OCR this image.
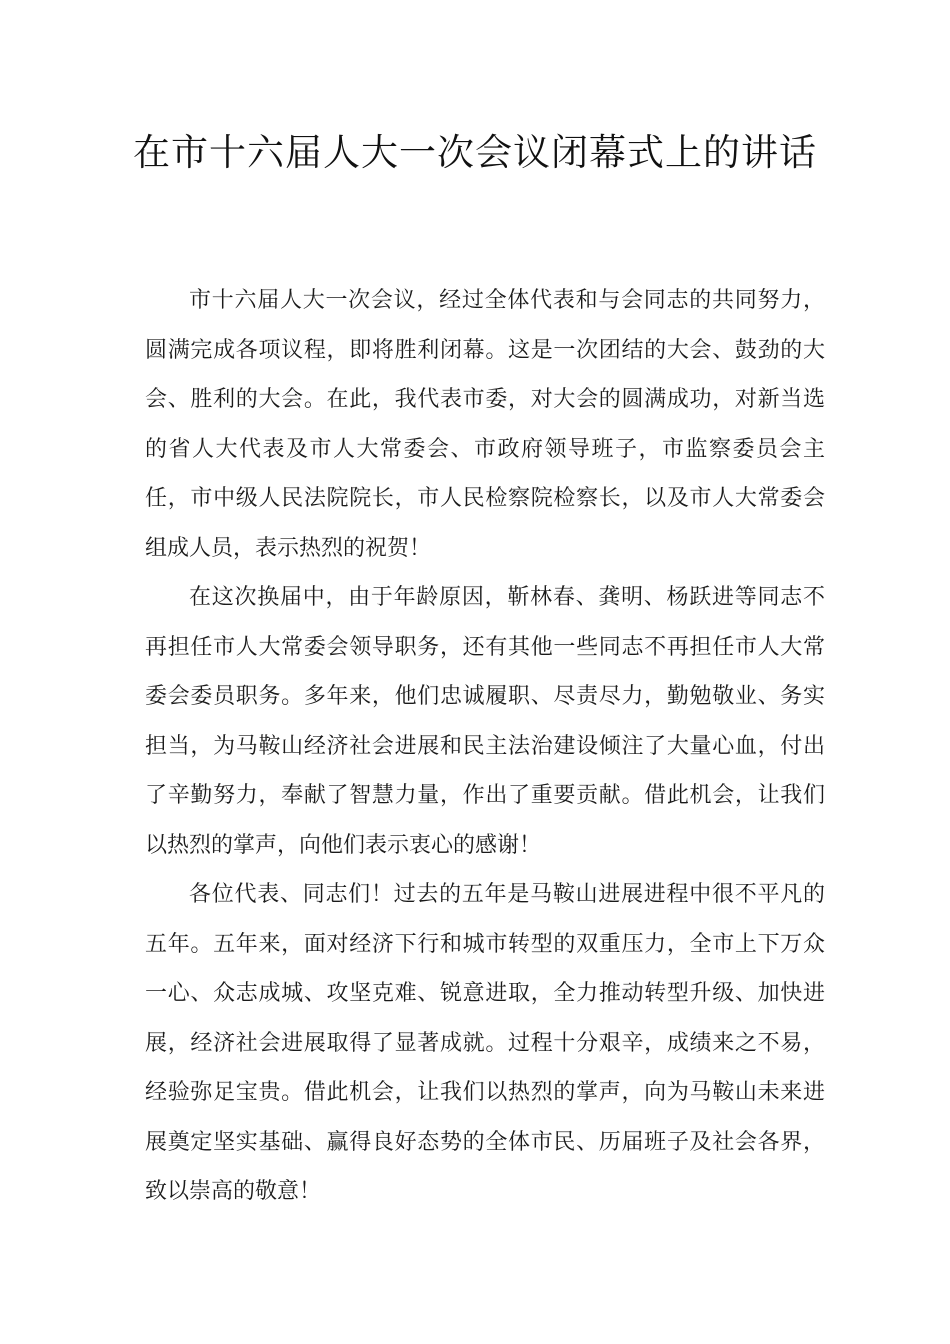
在市十六届人大一次会议闭幕式上的讲话

市十六届人大一次会议，经过全体代表和与会同志的共同努力，圆满完成各项议程，即将胜利闭幕。这是一次团结的大会、鼓劲的大会、胜利的大会。在此，我代表市委，对大会的圆满成功，对新当选的省人大代表及市人大常委会、市政府领导班子，市监察委员会主任，市中级人民法院院长，市人民检察院检察长，以及市人大常委会组成人员，表示热烈的祝贺！

在这次换届中，由于年龄原因，靳林春、龚明、杨跃进等同志不再担任市人大常委会领导职务，还有其他一些同志不再担任市人大常委会委员职务。多年来，他们忠诚履职、尽责尽力，勤勉敬业、务实担当，为马鞍山经济社会进展和民主法治建设倾注了大量心血，付出了辛勤努力，奉献了智慧力量，作出了重要贡献。借此机会，让我们以热烈的掌声，向他们表示衷心的感谢！

各位代表、同志们！过去的五年是马鞍山进展进程中很不平凡的五年。五年来，面对经济下行和城市转型的双重压力，全市上下万众一心、众志成城、攻坚克难、锐意进取，全力推动转型升级、加快进展，经济社会进展取得了显著成就。过程十分艰辛，成绩来之不易，经验弥足宝贵。借此机会，让我们以热烈的掌声，向为马鞍山未来进展奠定坚实基础、赢得良好态势的全体市民、历届班子及社会各界，致以崇高的敬意！
